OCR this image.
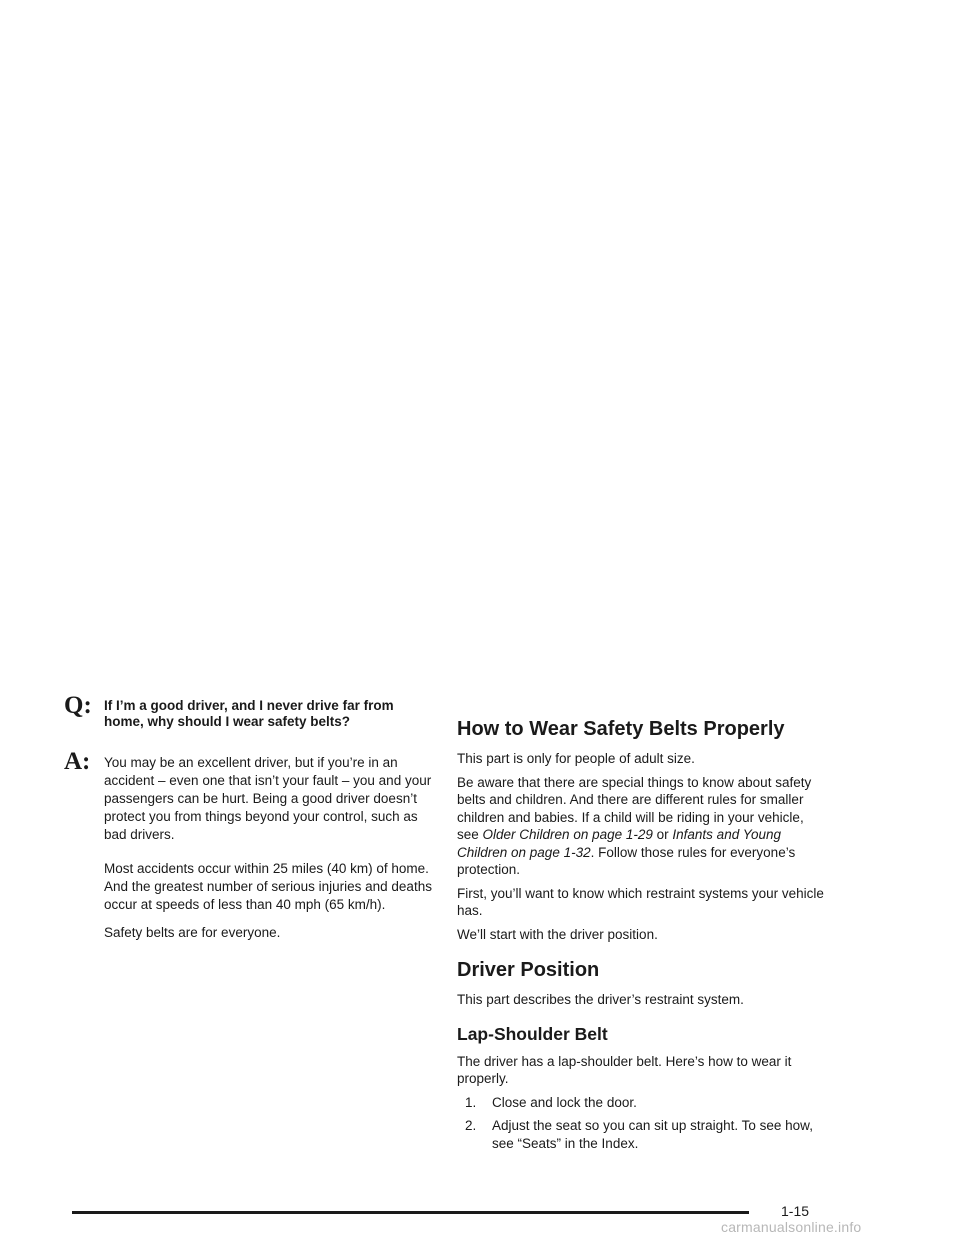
Q: If I’m a good driver, and I never drive far from home, why should I wear safety belts?
A: You may be an excellent driver, but if you’re in an accident – even one that isn’t your fault – you and your passengers can be hurt. Being a good driver doesn’t protect you from things beyond your control, such as bad drivers.

Most accidents occur within 25 miles (40 km) of home. And the greatest number of serious injuries and deaths occur at speeds of less than 40 mph (65 km/h).

Safety belts are for everyone.

How to Wear Safety Belts Properly

This part is only for people of adult size.

Be aware that there are special things to know about safety belts and children. And there are different rules for smaller children and babies. If a child will be riding in your vehicle, see Older Children on page 1-29 or Infants and Young Children on page 1-32. Follow those rules for everyone’s protection.

First, you’ll want to know which restraint systems your vehicle has.

We’ll start with the driver position.

Driver Position

This part describes the driver’s restraint system.

Lap-Shoulder Belt

The driver has a lap-shoulder belt. Here’s how to wear it properly.

1. Close and lock the door.
2. Adjust the seat so you can sit up straight. To see how, see “Seats” in the Index.
1-15
carmanualsonline.info
